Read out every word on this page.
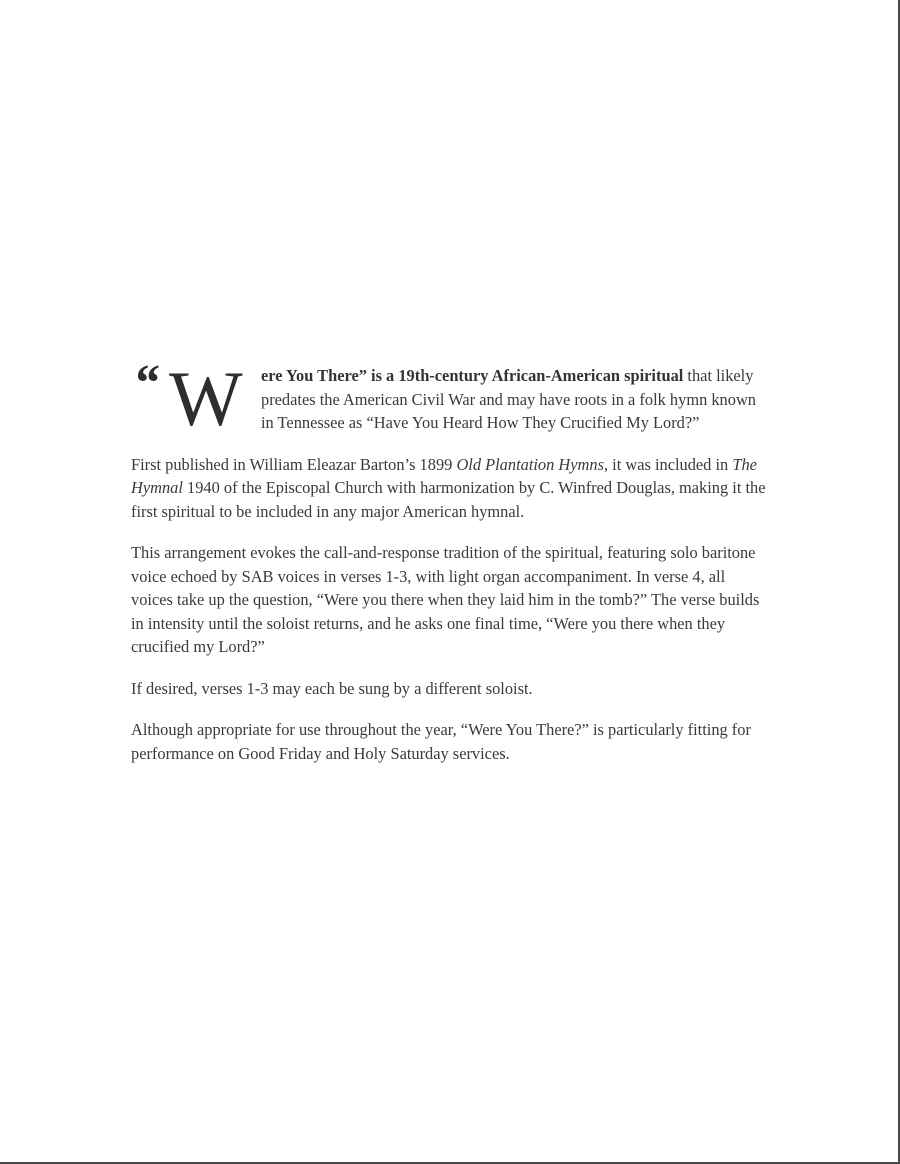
“ W ere You There” is a 19th-century African-American spiritual that likely predates the American Civil War and may have roots in a folk hymn known in Tennessee as “Have You Heard How They Crucified My Lord?”

First published in William Eleazar Barton’s 1899 Old Plantation Hymns, it was included in The Hymnal 1940 of the Episcopal Church with harmonization by C. Winfred Douglas, making it the first spiritual to be included in any major American hymnal.

This arrangement evokes the call-and-response tradition of the spiritual, featuring solo baritone voice echoed by SAB voices in verses 1-3, with light organ accompaniment. In verse 4, all voices take up the question, “Were you there when they laid him in the tomb?” The verse builds in intensity until the soloist returns, and he asks one final time, “Were you there when they crucified my Lord?”

If desired, verses 1-3 may each be sung by a different soloist.

Although appropriate for use throughout the year, “Were You There?” is particularly fitting for performance on Good Friday and Holy Saturday services.
